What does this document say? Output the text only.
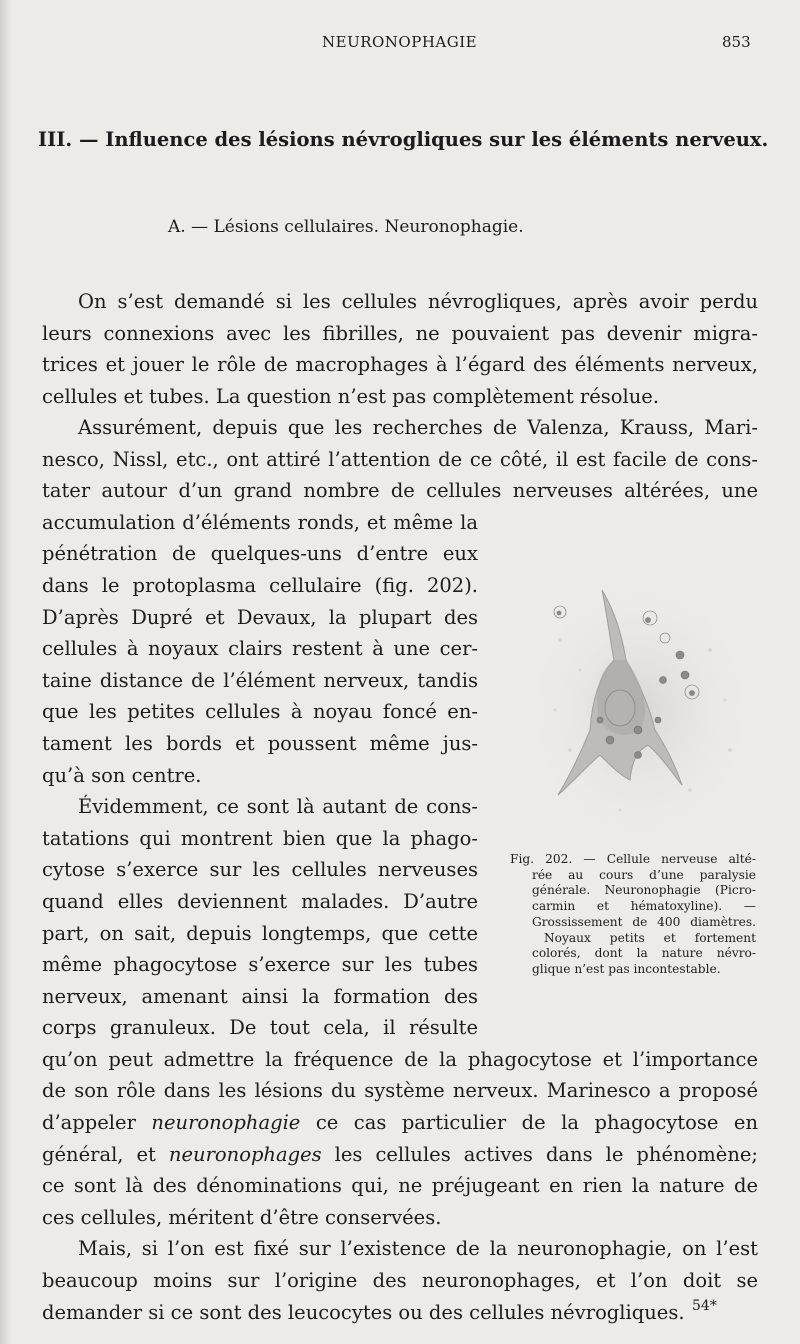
NEURONOPHAGIE	853
III. — Influence des lésions névrogliques sur les éléments nerveux.
A. — Lésions cellulaires. Neuronophagie.
On s’est demandé si les cellules névrogliques, après avoir perdu
leurs connexions avec les fibrilles, ne pouvaient pas devenir migra-
trices et jouer le rôle de macrophages à l’égard des éléments nerveux,
cellules et tubes. La question n’est pas complètement résolue.
Assurément, depuis que les recherches de Valenza, Krauss, Mari-
nesco, Nissl, etc., ont attiré l’attention de ce côté, il est facile de cons-
tater autour d’un grand nombre de cellules nerveuses altérées, une
accumulation d’éléments ronds, et même la
pénétration de quelques-uns d’entre eux
dans le protoplasma cellulaire (fig. 202).
D’après Dupré et Devaux, la plupart des
cellules à noyaux clairs restent à une cer-
taine distance de l’élément nerveux, tandis
que les petites cellules à noyau foncé en-
tament les bords et poussent même jus-
qu’à son centre.
Évidemment, ce sont là autant de cons-
tatations qui montrent bien que la phago-
cytose s’exerce sur les cellules nerveuses
quand elles deviennent malades. D’autre
part, on sait, depuis longtemps, que cette
même phagocytose s’exerce sur les tubes
nerveux, amenant ainsi la formation des
corps granuleux. De tout cela, il résulte
qu’on peut admettre la fréquence de la phagocytose et l’importance
de son rôle dans les lésions du système nerveux. Marinesco a proposé
d’appeler neuronophagie ce cas particulier de la phagocytose en
général, et neuronophages les cellules actives dans le phénomène;
ce sont là des dénominations qui, ne préjugeant en rien la nature de
ces cellules, méritent d’être conservées.
Mais, si l’on est fixé sur l’existence de la neuronophagie, on l’est
beaucoup moins sur l’origine des neuronophages, et l’on doit se
demander si ce sont des leucocytes ou des cellules névrogliques.
Fig. 202. — Cellule nerveuse alté-
rée au cours d’une paralysie
générale. Neuronophagie (Picro-
carmin et hématoxyline). —
Grossissement de 400 diamètres.
Noyaux petits et fortement
colorés, dont la nature névro-
glique n’est pas incontestable.
54*
